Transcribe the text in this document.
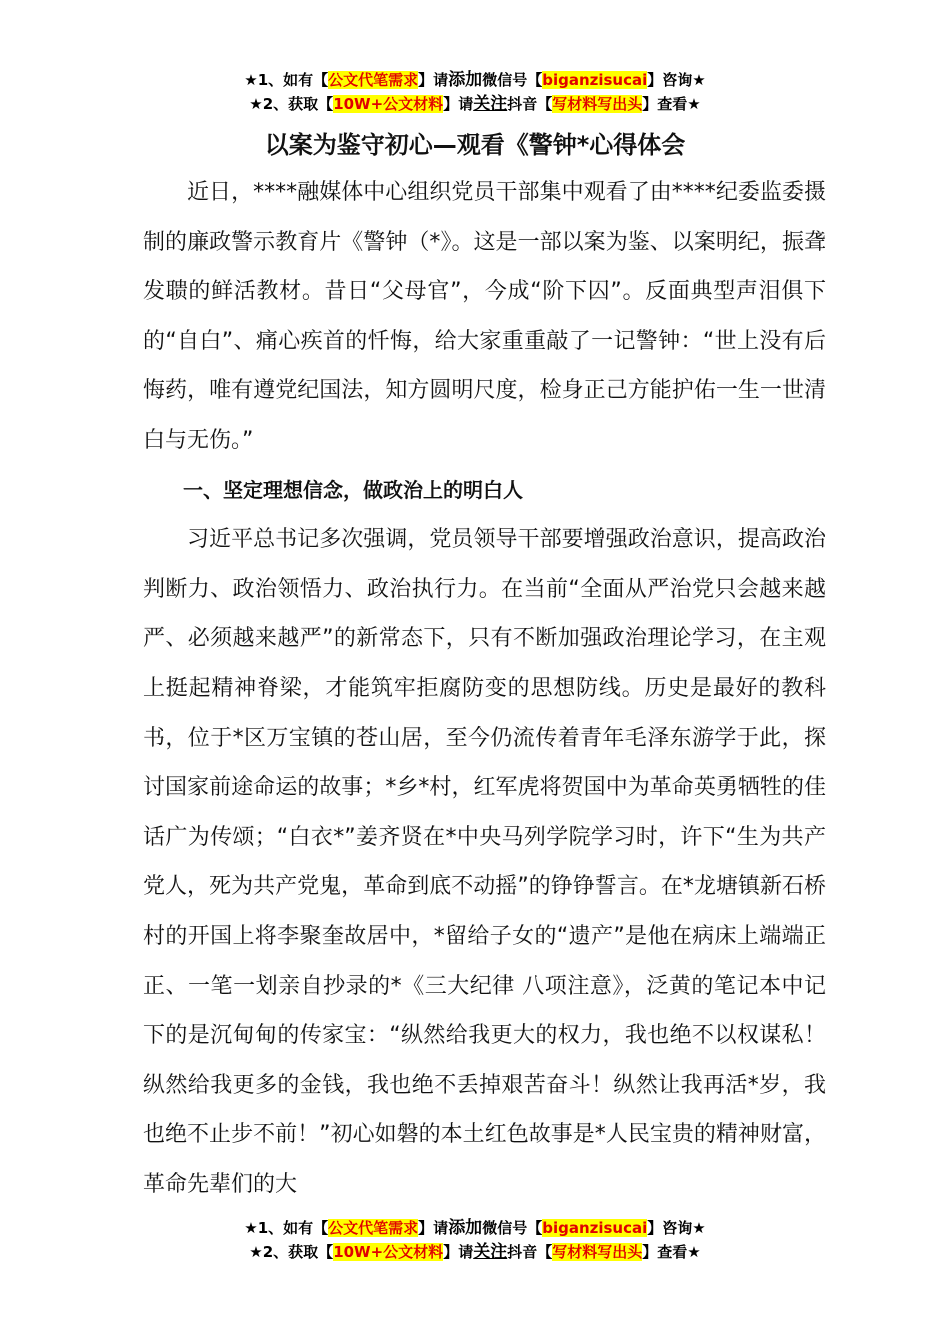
★1、如有【公文代笔需求】请添加微信号【biganzisucai】咨询★
★2、获取【10W+公文材料】请关注抖音【写材料写出头】查看★
以案为鉴守初心—观看《警钟*心得体会

近日，****融媒体中心组织党员干部集中观看了由****纪委监委摄制的廉政警示教育片《警钟（*》。这是一部以案为鉴、以案明纪，振聋发聩的鲜活教材。昔日“父母官”，今成“阶下囚”。反面典型声泪俱下的“自白”、痛心疾首的忏悔，给大家重重敲了一记警钟：“世上没有后悔药，唯有遵党纪国法，知方圆明尺度，检身正己方能护佑一生一世清白与无伤。”

一、坚定理想信念，做政治上的明白人

习近平总书记多次强调，党员领导干部要增强政治意识，提高政治判断力、政治领悟力、政治执行力。在当前“全面从严治党只会越来越严、必须越来越严”的新常态下，只有不断加强政治理论学习，在主观上挺起精神脊梁，才能筑牢拒腐防变的思想防线。历史是最好的教科书，位于*区万宝镇的苍山居，至今仍流传着青年毛泽东游学于此，探讨国家前途命运的故事；*乡*村，红军虎将贺国中为革命英勇牺牲的佳话广为传颂；“白衣*”姜齐贤在*中央马列学院学习时，许下“生为共产党人，死为共产党鬼，革命到底不动摇”的铮铮誓言。在*龙塘镇新石桥村的开国上将李聚奎故居中，*留给子女的“遗产”是他在病床上端端正正、一笔一划亲自抄录的*《三大纪律 八项注意》，泛黄的笔记本中记下的是沉甸甸的传家宝：“纵然给我更大的权力，我也绝不以权谋私！纵然给我更多的金钱，我也绝不丢掉艰苦奋斗！纵然让我再活*岁，我也绝不止步不前！”初心如磐的本土红色故事是*人民宝贵的精神财富，革命先辈们的大

★1、如有【公文代笔需求】请添加微信号【biganzisucai】咨询★
★2、获取【10W+公文材料】请关注抖音【写材料写出头】查看★
